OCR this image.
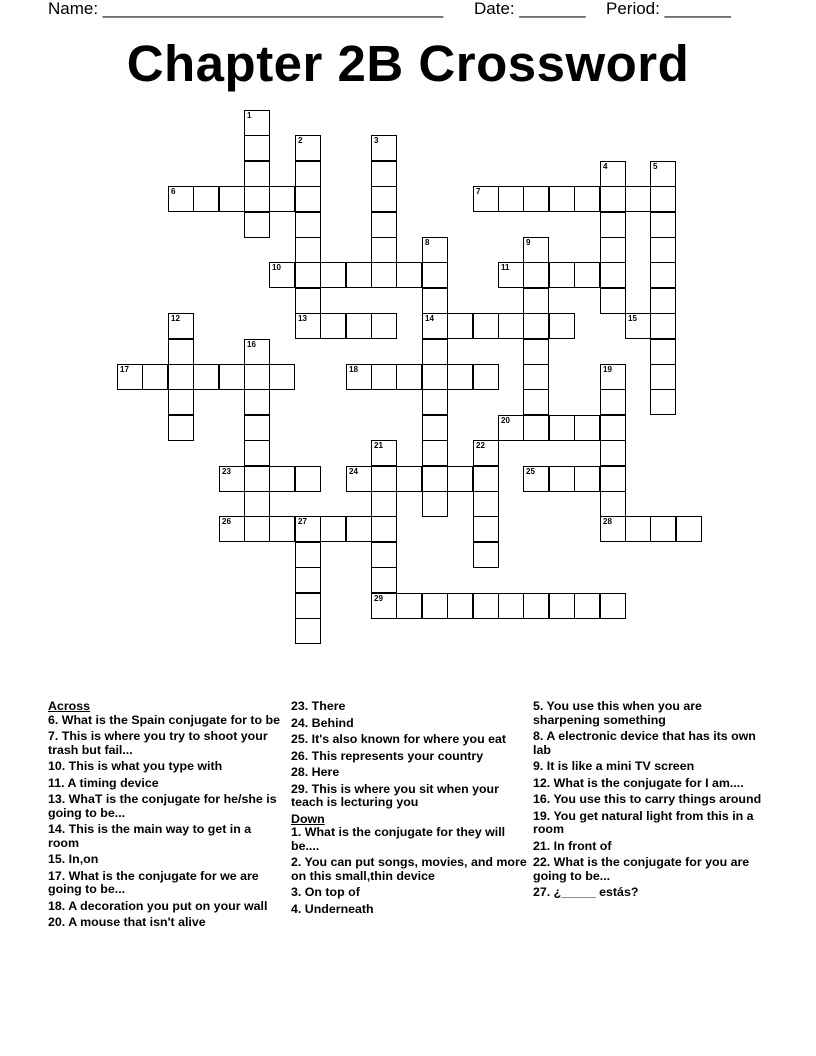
Name: ____________________________________ Date: _______ Period: _______
Chapter 2B Crossword
1
2
13
3
4	5
6	7
8
14
9
10	11
12	15
16
17	18	19
28
20
21	22
23	24	25
26	27
29
Across
6. What is the Spain conjugate for to be
7. This is where you try to shoot your trash but fail...
10. This is what you type with
11. A timing device
13. WhaT is the conjugate for he/she is going to be...
14. This is the main way to get in a room
15. In,on
17. What is the conjugate for we are going to be...
18. A decoration you put on your wall
20. A mouse that isn't alive
23. There
24. Behind
25. It's also known for where you eat
26. This represents your country
28. Here
29. This is where you sit when your teach is lecturing you
Down
1. What is the conjugate for they will be....
2. You can put songs, movies, and more on this small,thin device
3. On top of
4. Underneath
5. You use this when you are sharpening something
8. A electronic device that has its own lab
9. It is like a mini TV screen
12. What is the conjugate for I am....
16. You use this to carry things around
19. You get natural light from this in a room
21. In front of
22. What is the conjugate for you are going to be...
27. ¿_____ estás?
